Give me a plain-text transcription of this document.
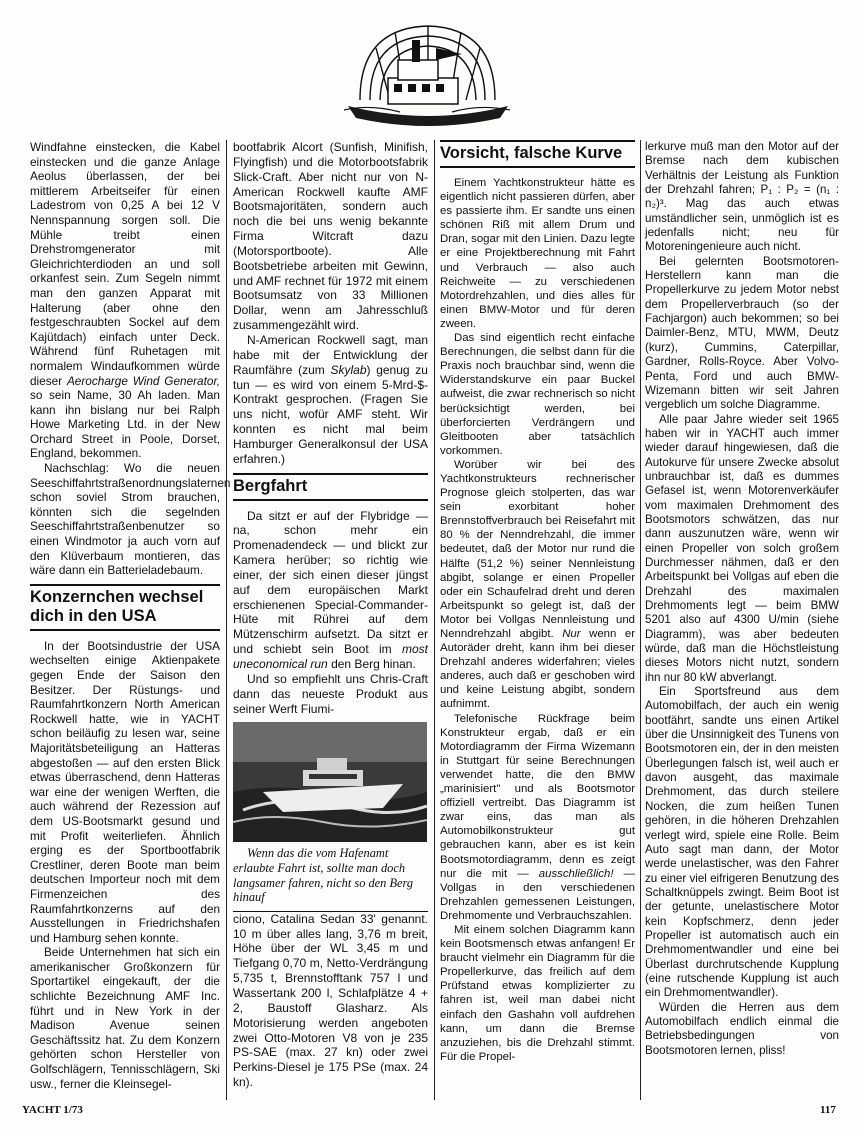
Windfahne einstecken, die Kabel einstecken und die ganze Anlage Aeolus überlassen, der bei mittlerem Arbeitseifer für einen Ladestrom von 0,25 A bei 12 V Nennspannung sorgen soll. Die Mühle treibt einen Drehstromgenerator mit Gleichrichterdioden an und soll orkanfest sein. Zum Segeln nimmt man den ganzen Apparat mit Halterung (aber ohne den festgeschraubten Sockel auf dem Kajütdach) einfach unter Deck. Während fünf Ruhetagen mit normalem Windaufkommen würde dieser Aerocharge Wind Generator, so sein Name, 30 Ah laden. Man kann ihn bislang nur bei Ralph Howe Marketing Ltd. in der New Orchard Street in Poole, Dorset, England, bekommen.

Nachschlag: Wo die neuen Seeschiffahrtstraßenordnungslaternen schon soviel Strom brauchen, könnten sich die segelnden Seeschiffahrtstraßenbenutzer so einen Windmotor ja auch vorn auf den Klüverbaum montieren, das wäre dann ein Batterieladebaum.

Konzernchen wechsel dich in den USA

In der Bootsindustrie der USA wechselten einige Aktienpakete gegen Ende der Saison den Besitzer. Der Rüstungs- und Raumfahrtkonzern North American Rockwell hatte, wie in YACHT schon beiläufig zu lesen war, seine Majoritätsbeteiligung an Hatteras abgestoßen — auf den ersten Blick etwas überraschend, denn Hatteras war eine der wenigen Werften, die auch während der Rezession auf dem US-Bootsmarkt gesund und mit Profit weiterliefen. Ähnlich erging es der Sportbootfabrik Crestliner, deren Boote man beim deutschen Importeur noch mit dem Firmenzeichen des Raumfahrtkonzerns auf den Ausstellungen in Friedrichshafen und Hamburg sehen konnte.

Beide Unternehmen hat sich ein amerikanischer Großkonzern für Sportartikel eingekauft, der die schlichte Bezeichnung AMF Inc. führt und in New York in der Madison Avenue seinen Geschäftssitz hat. Zu dem Konzern gehörten schon Hersteller von Golfschlägern, Tennisschlägern, Ski usw., ferner die Kleinsegel-

bootfabrik Alcort (Sunfish, Minifish, Flyingfish) und die Motorbootsfabrik Slick-Craft. Aber nicht nur von N-American Rockwell kaufte AMF Bootsmajoritäten, sondern auch noch die bei uns wenig bekannte Firma Witcraft dazu (Motorsportboote). Alle Bootsbetriebe arbeiten mit Gewinn, und AMF rechnet für 1972 mit einem Bootsumsatz von 33 Millionen Dollar, wenn am Jahresschluß zusammengezählt wird.

N-American Rockwell sagt, man habe mit der Entwicklung der Raumfähre (zum Skylab) genug zu tun — es wird von einem 5-Mrd-$-Kontrakt gesprochen. (Fragen Sie uns nicht, wofür AMF steht. Wir konnten es nicht mal beim Hamburger Generalkonsul der USA erfahren.)

Bergfahrt

Da sitzt er auf der Flybridge — na, schon mehr ein Promenadendeck — und blickt zur Kamera herüber; so richtig wie einer, der sich einen dieser jüngst auf dem europäischen Markt erschienenen Special-Commander-Hüte mit Rührei auf dem Mützenschirm aufsetzt. Da sitzt er und schiebt sein Boot im most uneconomical run den Berg hinan.

Und so empfiehlt uns Chris-Craft dann das neueste Produkt aus seiner Werft Fiumi-

Wenn das die vom Hafenamt erlaubte Fahrt ist, sollte man doch langsamer fahren, nicht so den Berg hinauf

ciono, Catalina Sedan 33' genannt. 10 m über alles lang, 3,76 m breit, Höhe über der WL 3,45 m und Tiefgang 0,70 m, Netto-Verdrängung 5,735 t, Brennstofftank 757 l und Wassertank 200 l, Schlafplätze 4 + 2, Baustoff Glasharz. Als Motorisierung werden angeboten zwei Otto-Motoren V8 von je 235 PS-SAE (max. 27 kn) oder zwei Perkins-Diesel je 175 PSe (max. 24 kn).

Vorsicht, falsche Kurve

Einem Yachtkonstrukteur hätte es eigentlich nicht passieren dürfen, aber es passierte ihm. Er sandte uns einen schönen Riß mit allem Drum und Dran, sogar mit den Linien. Dazu legte er eine Projektberechnung mit Fahrt und Verbrauch — also auch Reichweite — zu verschiedenen Motordrehzahlen, und dies alles für einen BMW-Motor und für deren zween.

Das sind eigentlich recht einfache Berechnungen, die selbst dann für die Praxis noch brauchbar sind, wenn die Widerstandskurve ein paar Buckel aufweist, die zwar rechnerisch so nicht berücksichtigt werden, bei überforcierten Verdrängern und Gleitbooten aber tatsächlich vorkommen.

Worüber wir bei des Yachtkonstrukteurs rechnerischer Prognose gleich stolperten, das war sein exorbitant hoher Brennstoffverbrauch bei Reisefahrt mit 80 % der Nenndrehzahl, die immer bedeutet, daß der Motor nur rund die Hälfte (51,2 %) seiner Nennleistung abgibt, solange er einen Propeller oder ein Schaufelrad dreht und deren Arbeitspunkt so gelegt ist, daß der Motor bei Vollgas Nennleistung und Nenndrehzahl abgibt. Nur wenn er Autoräder dreht, kann ihm bei dieser Drehzahl anderes widerfahren; vieles anderes, auch daß er geschoben wird und keine Leistung abgibt, sondern aufnimmt.

Telefonische Rückfrage beim Konstrukteur ergab, daß er ein Motordiagramm der Firma Wizemann in Stuttgart für seine Berechnungen verwendet hatte, die den BMW „marinisiert" und als Bootsmotor offiziell vertreibt. Das Diagramm ist zwar eins, das man als Automobilkonstrukteur gut gebrauchen kann, aber es ist kein Bootsmotordiagramm, denn es zeigt nur die mit — ausschließlich! — Vollgas in den verschiedenen Drehzahlen gemessenen Leistungen, Drehmomente und Verbrauchszahlen.

Mit einem solchen Diagramm kann kein Bootsmensch etwas anfangen! Er braucht vielmehr ein Diagramm für die Propellerkurve, das freilich auf dem Prüfstand etwas komplizierter zu fahren ist, weil man dabei nicht einfach den Gashahn voll aufdrehen kann, um dann die Bremse anzuziehen, bis die Drehzahl stimmt. Für die Propel-

lerkurve muß man den Motor auf der Bremse nach dem kubischen Verhältnis der Leistung als Funktion der Drehzahl fahren; P₁ : P₂ = (n₁ : n₂)³. Mag das auch etwas umständlicher sein, unmöglich ist es jedenfalls nicht; neu für Motoreningenieure auch nicht.

Bei gelernten Bootsmotoren-Herstellern kann man die Propellerkurve zu jedem Motor nebst dem Propellerverbrauch (so der Fachjargon) auch bekommen; so bei Daimler-Benz, MTU, MWM, Deutz (kurz), Cummins, Caterpillar, Gardner, Rolls-Royce. Aber Volvo-Penta, Ford und auch BMW-Wizemann bitten wir seit Jahren vergeblich um solche Diagramme.

Alle paar Jahre wieder seit 1965 haben wir in YACHT auch immer wieder darauf hingewiesen, daß die Autokurve für unsere Zwecke absolut unbrauchbar ist, daß es dummes Gefasel ist, wenn Motorenverkäufer vom maximalen Drehmoment des Bootsmotors schwätzen, das nur dann auszunutzen wäre, wenn wir einen Propeller von solch großem Durchmesser nähmen, daß er den Arbeitspunkt bei Vollgas auf eben die Drehzahl des maximalen Drehmoments legt — beim BMW 5201 also auf 4300 U/min (siehe Diagramm), was aber bedeuten würde, daß man die Höchstleistung dieses Motors nicht nutzt, sondern ihn nur 80 kW abverlangt.

Ein Sportsfreund aus dem Automobilfach, der auch ein wenig bootfährt, sandte uns einen Artikel über die Unsinnigkeit des Tunens von Bootsmotoren ein, der in den meisten Überlegungen falsch ist, weil auch er davon ausgeht, das maximale Drehmoment, das durch steilere Nocken, die zum heißen Tunen gehören, in die höheren Drehzahlen verlegt wird, spiele eine Rolle. Beim Auto sagt man dann, der Motor werde unelastischer, was den Fahrer zu einer viel eifrigeren Benutzung des Schaltknüppels zwingt. Beim Boot ist der getunte, unelastischere Motor kein Kopfschmerz, denn jeder Propeller ist automatisch auch ein Drehmomentwandler und eine bei Überlast durchrutschende Kupplung (eine rutschende Kupplung ist auch ein Drehmomentwandler).

Würden die Herren aus dem Automobilfach endlich einmal die Betriebsbedingungen von Bootsmotoren lernen, pliss!

YACHT 1/73	117
